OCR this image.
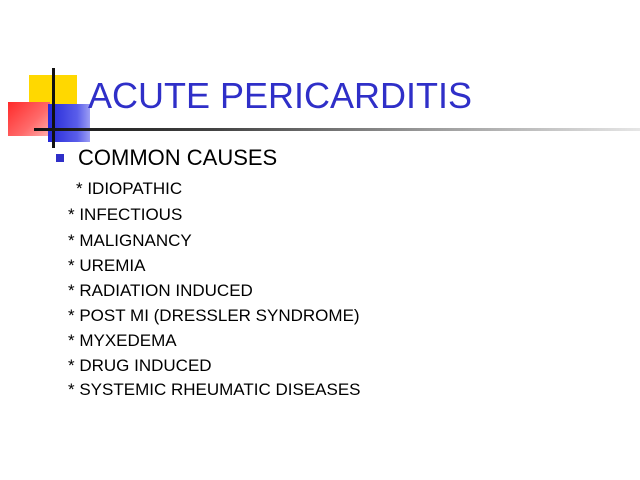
ACUTE PERICARDITIS
COMMON CAUSES
* IDIOPATHIC
* INFECTIOUS
* MALIGNANCY
* UREMIA
* RADIATION INDUCED
* POST MI (DRESSLER SYNDROME)
* MYXEDEMA
* DRUG INDUCED
* SYSTEMIC RHEUMATIC DISEASES
